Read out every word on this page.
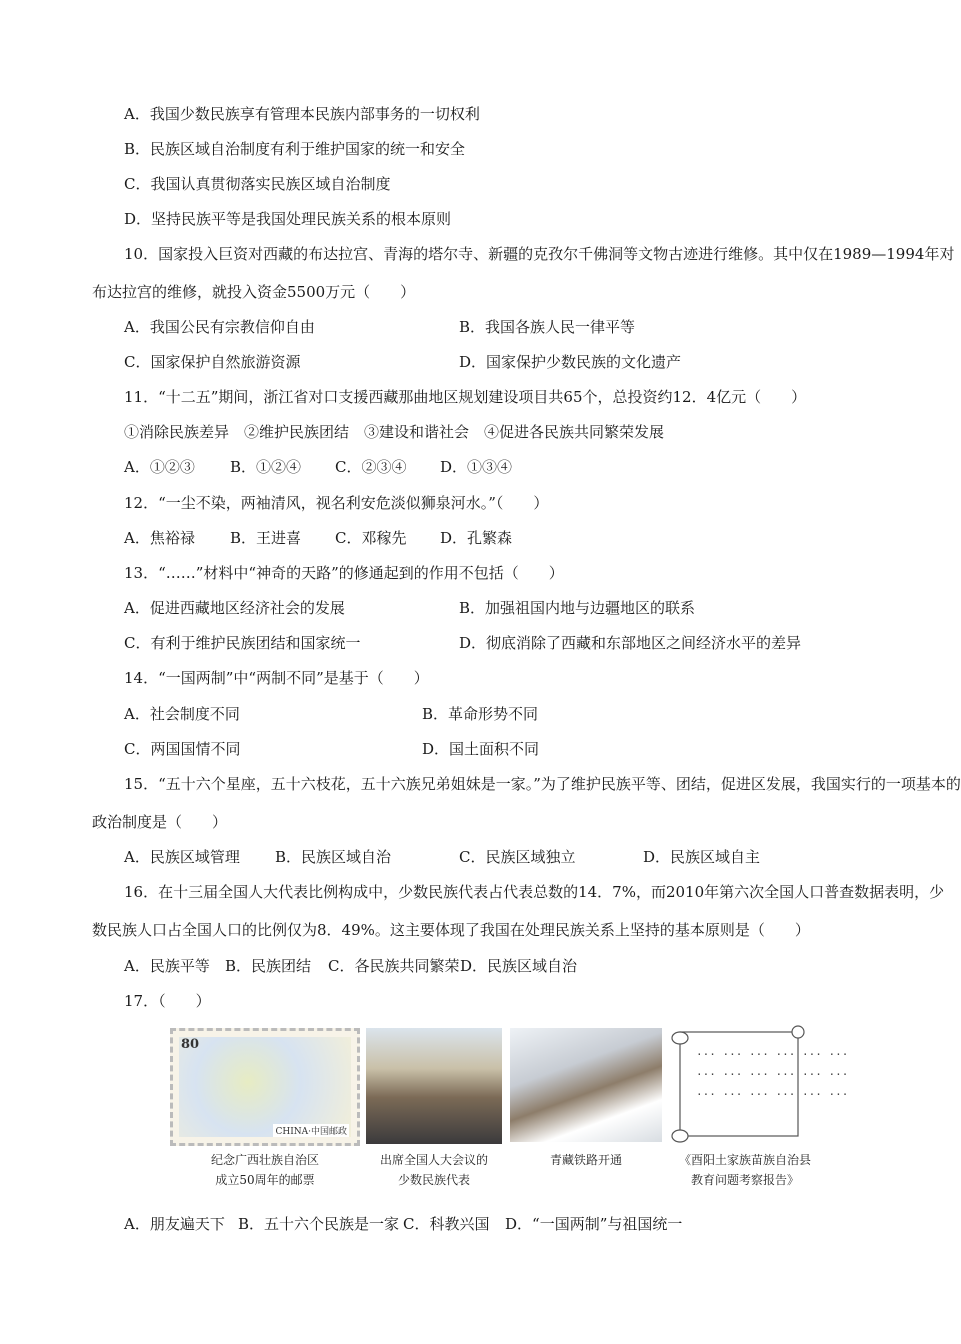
A．我国少数民族享有管理本民族内部事务的一切权利
B．民族区域自治制度有利于维护国家的统一和安全
C．我国认真贯彻落实民族区域自治制度
D．坚持民族平等是我国处理民族关系的根本原则
10．国家投入巨资对西藏的布达拉宫、青海的塔尔寺、新疆的克孜尔千佛洞等文物古迹进行维修。其中仅在1989—1994年对
布达拉宫的维修，就投入资金5500万元（　　）
A．我国公民有宗教信仰自由	B．我国各族人民一律平等
C．国家保护自然旅游资源	D．国家保护少数民族的文化遗产
11．“十二五”期间，浙江省对口支援西藏那曲地区规划建设项目共65个，总投资约12．4亿元（　　）
①消除民族差异　②维护民族团结　③建设和谐社会　④促进各民族共同繁荣发展
A．①②③ B．①②④ C．②③④ D．①③④
12．“一尘不染，两袖清风，视名利安危淡似狮泉河水。”（　　）
A．焦裕禄 B．王进喜 C．邓稼先 D．孔繁森
13．“……”材料中“神奇的天路”的修通起到的作用不包括（　　）
A．促进西藏地区经济社会的发展	B．加强祖国内地与边疆地区的联系
C．有利于维护民族团结和国家统一	D．彻底消除了西藏和东部地区之间经济水平的差异
14．“一国两制”中“两制不同”是基于（　　）
A．社会制度不同	B．革命形势不同
C．两国国情不同	D．国土面积不同
15．“五十六个星座，五十六枝花，五十六族兄弟姐妹是一家。”为了维护民族平等、团结，促进区发展，我国实行的一项基本的
政治制度是（　　）
A．民族区域管理 B．民族区域自治	C．民族区域独立	D．民族区域自主
16．在十三届全国人大代表比例构成中，少数民族代表占代表总数的14．7%，而2010年第六次全国人口普查数据表明，少
数民族人口占全国人口的比例仅为8．49%。这主要体现了我国在处理民族关系上坚持的基本原则是（　　）
A．民族平等 B．民族团结 C．各民族共同繁荣 D．民族区域自治
17．（　　）
80
CHINA·中国邮政
··· ··· ··· ··· ··· ···
··· ··· ··· ··· ··· ···
··· ··· ··· ··· ··· ···
纪念广西壮族自治区
成立50周年的邮票
出席全国人大会议的
少数民族代表
青藏铁路开通	《酉阳土家族苗族自治县
教育问题考察报告》
A．朋友遍天下 B．五十六个民族是一家 C．科教兴国 D．“一国两制”与祖国统一
